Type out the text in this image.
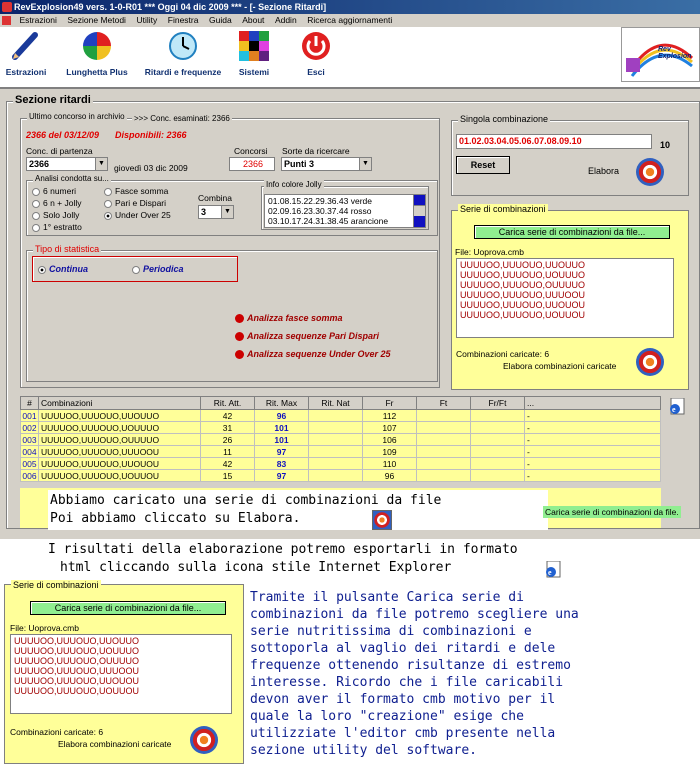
RevExplosion49 vers. 1-0-R01 *** Oggi 04 dic 2009 *** - [- Sezione Ritardi]
Estrazioni Sezione Metodi Utility Finestra Guida About Addin Ricerca aggiornamenti
Estrazioni	Lunghetta Plus	Ritardi e frequenze	Sistemi	Esci
Rev Explosion
Sezione ritardi
Ultimo concorso in archivio >>> Conc. esaminati: 2366
2366 del 03/12/09 Disponibili: 2366
Conc. di partenza
2366	▼ giovedì 03 dic 2009
Concorsi
2366
Sorte da ricercare
Punti 3	▼
Analisi condotta su...
6 numeri
6 n + Jolly
Solo Jolly
1° estratto
Fasce somma
Pari e Dispari
Under Over 25
Combina
3	▼
Info colore Jolly
01.08.15.22.29.36.43 verde
02.09.16.23.30.37.44 rosso
03.10.17.24.31.38.45 arancione
Tipo di statistica
Continua	Periodica
Analizza fasce somma
Analizza sequenze Pari Dispari
Analizza sequenze Under Over 25
Singola combinazione
01.02.03.04.05.06.07.08.09.10	10
Reset
Elabora
Serie di combinazioni
Carica serie di combinazioni da file...
File: Uoprova.cmb
UUUUOO,UUUOUO,UUOUUO
UUUUOO,UUUOUO,UOUUUO
UUUUOO,UUUOUO,OUUUUO
UUUUOO,UUUOUO,UUUOOU
UUUUOO,UUUOUO,UUOUOU
UUUUOO,UUUOUO,UOUUOU
Combinazioni caricate: 6
Elabora combinazioni caricate
#	Combinazioni	Rit. Att.	Rit. Max	Rit. Nat	Fr	Ft	Fr/Ft	...
001	UUUUOO,UUUOUO,UUOUUO	42	96		112			-
002	UUUUOO,UUUOUO,UOUUUO	31	101		107			-
003	UUUUOO,UUUOUO,OUUUUO	26	101		106			-
004	UUUUOO,UUUOUO,UUUOOU	11	97		109			-
005	UUUUOO,UUUOUO,UUOUOU	42	83		110			-
006	UUUUOO,UUUOUO,UOUUOU	15	97		96			-
e
Abbiamo caricato una serie di combinazioni da file
Poi abbiamo cliccato su Elabora.	Carica serie di combinazioni da file.
I risultati della elaborazione potremo esportarli in formato
html cliccando sulla icona stile Internet Explorer	e
Serie di combinazioni
Carica serie di combinazioni da file...
File: Uoprova.cmb
UUUUOO,UUUOUO,UUOUUO
UUUUOO,UUUOUO,UOUUUO
UUUUOO,UUUOUO,OUUUUO
UUUUOO,UUUOUO,UUUOOU
UUUUOO,UUUOUO,UUOUOU
UUUUOO,UUUOUO,UOUUOU
Combinazioni caricate: 6
Elabora combinazioni caricate
Tramite il pulsante Carica serie di
combinazioni da file potremo scegliere una
serie nutritissima di combinazioni e
sottoporla al vaglio dei ritardi e dele
frequenze ottenendo risultanze di estremo
interesse. Ricordo che i file caricabili
devon aver il formato cmb motivo per il
quale la loro "creazione" esige che
utilizziate l'editor cmb presente nella
sezione utility del software.
